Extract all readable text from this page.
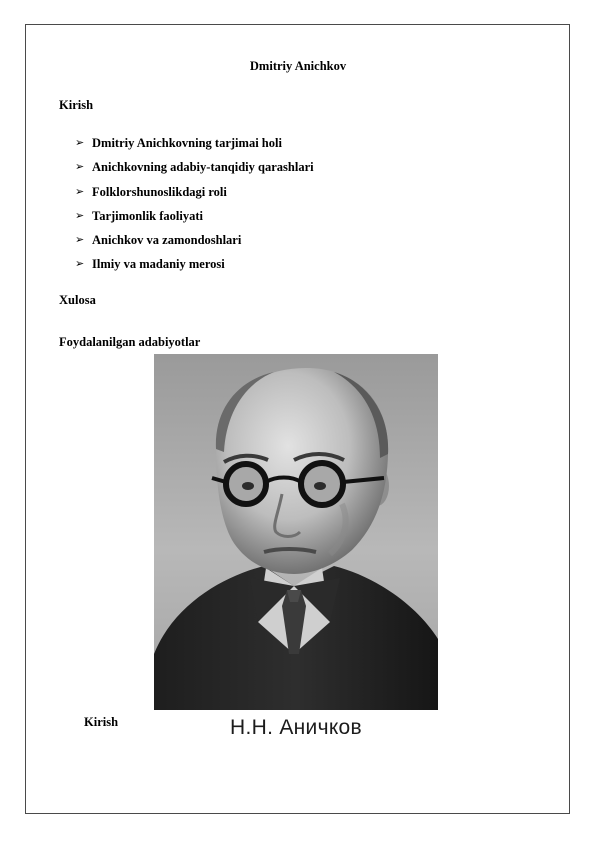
Dmitriy Anichkov
Kirish
➢ Dmitriy Anichkovning tarjimai holi
➢ Anichkovning adabiy-tanqidiy qarashlari
➢ Folklorshunoslikdagi roli
➢ Tarjimonlik faoliyati
➢ Anichkov va zamondoshlari
➢ Ilmiy va madaniy merosi
Xulosa
Foydalanilgan adabiyotlar
Н.Н. Аничков
Kirish
